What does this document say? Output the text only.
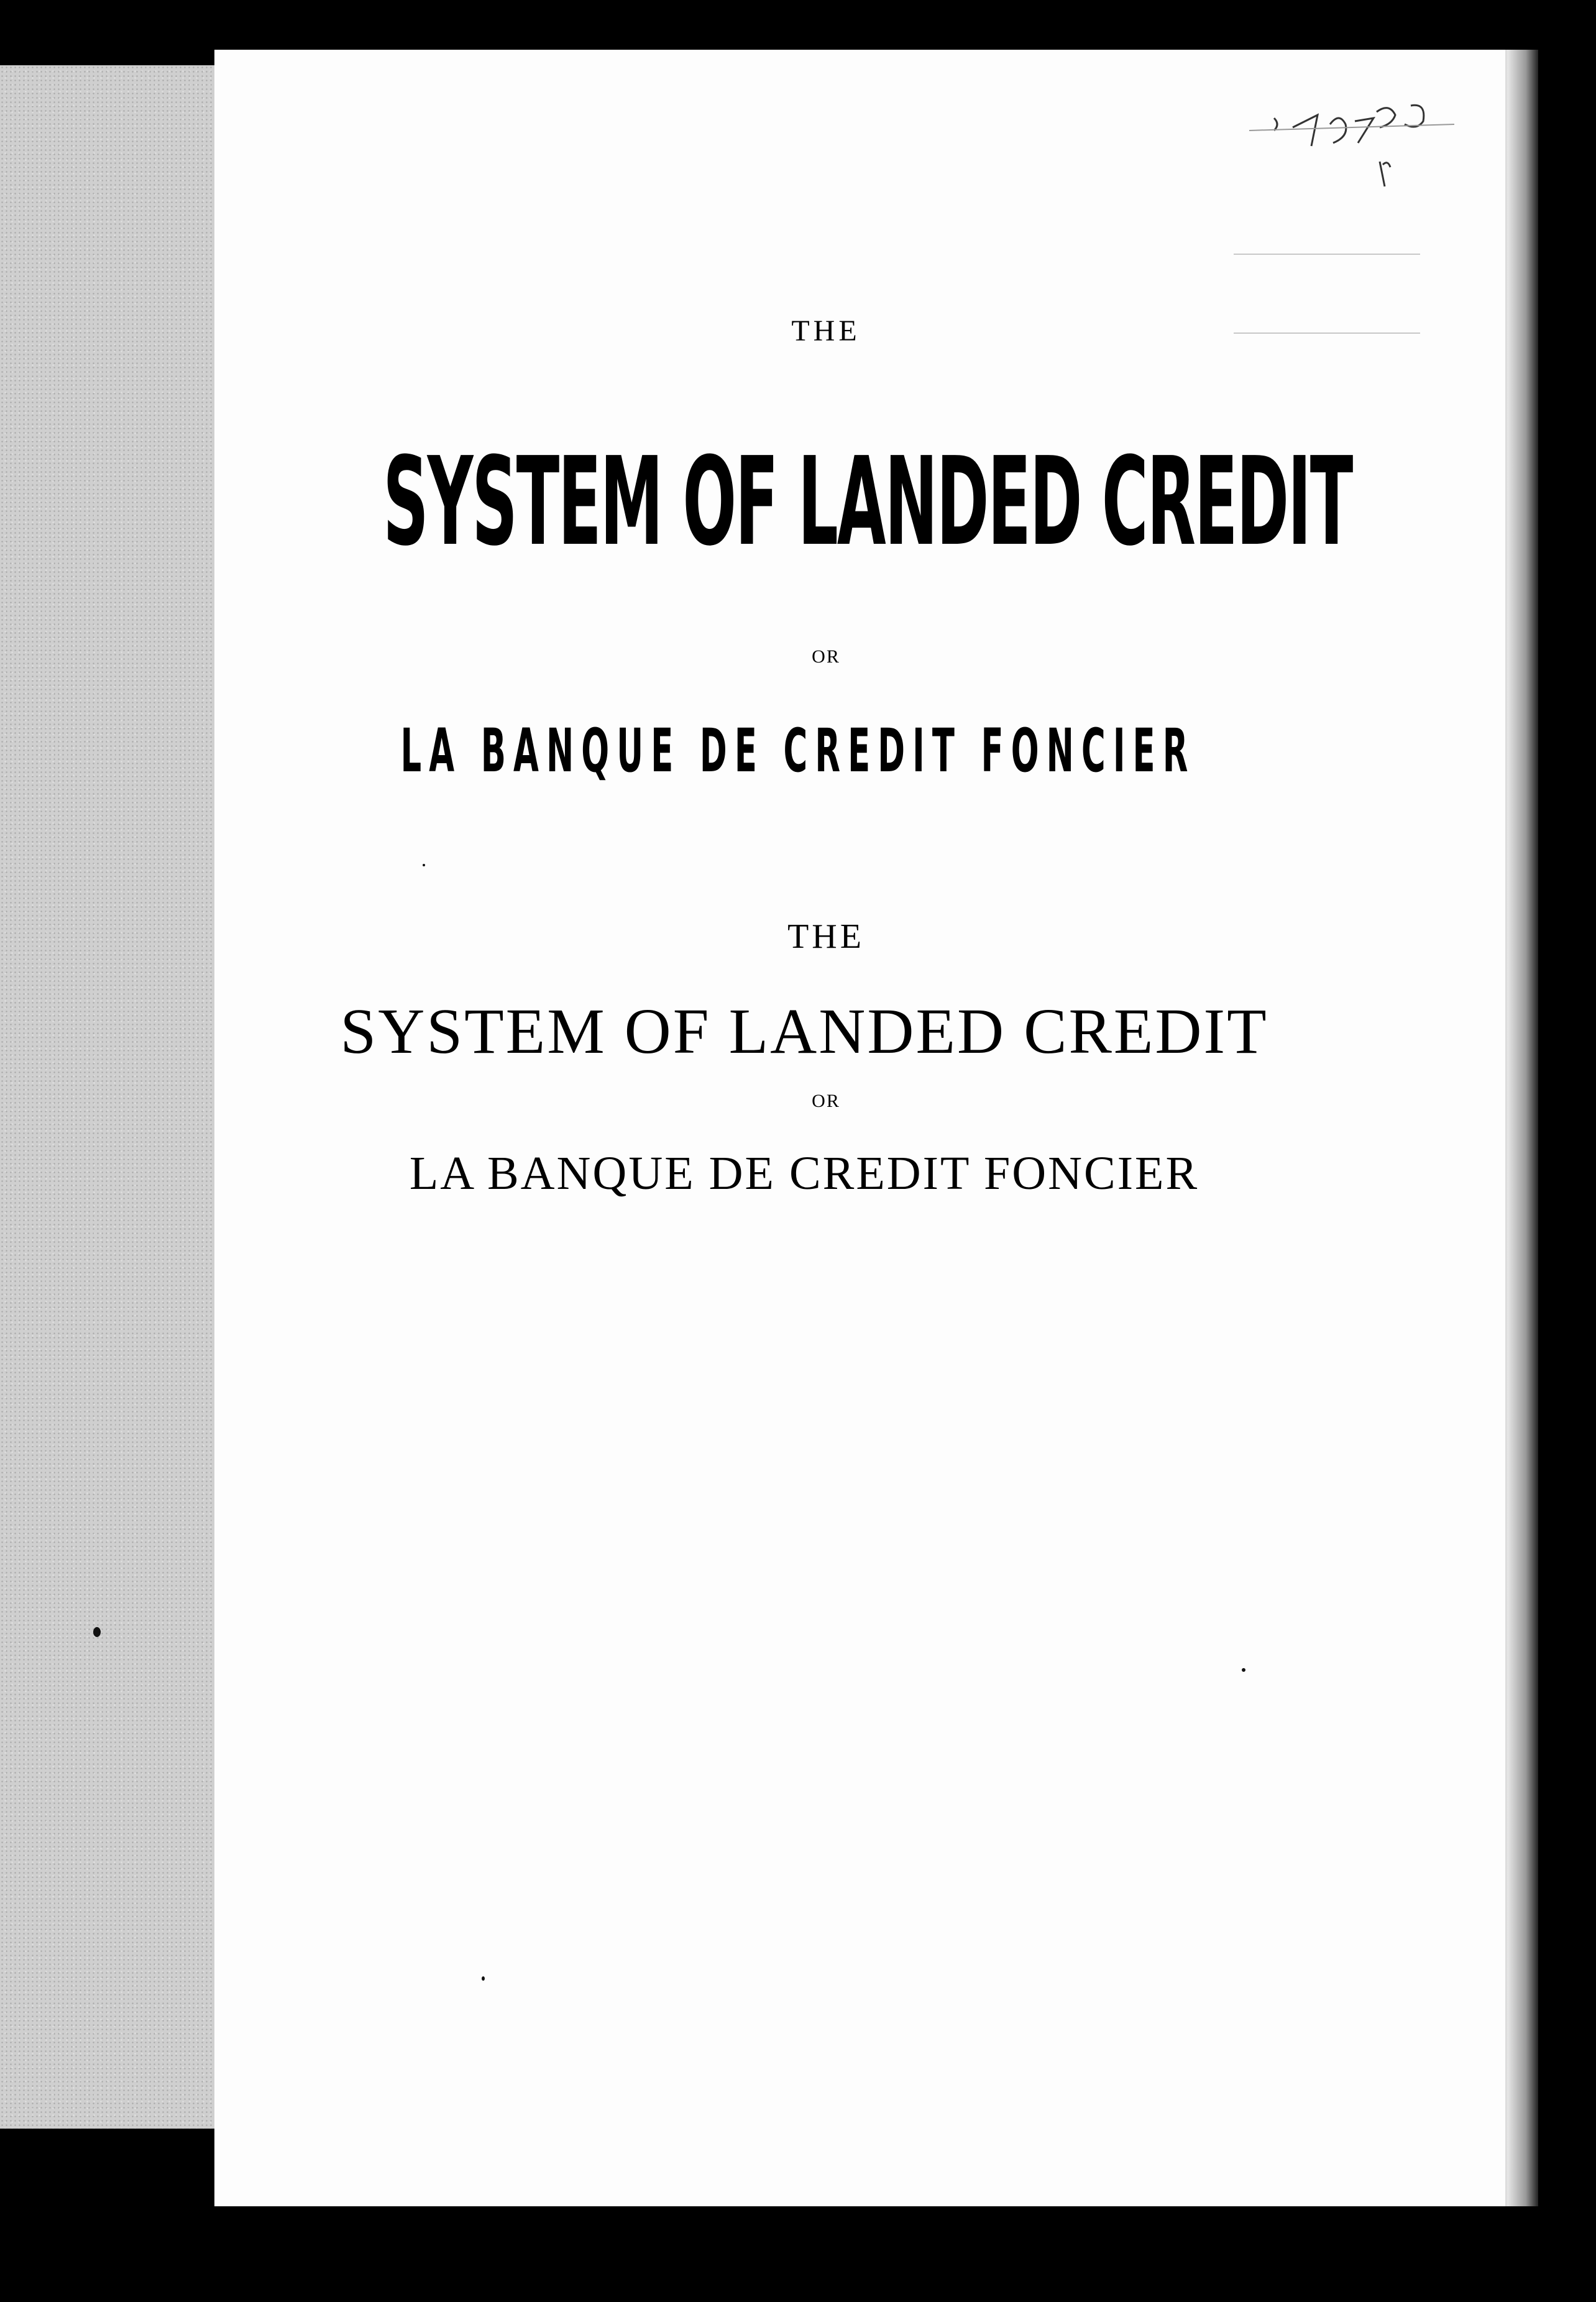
THE
SYSTEM OF LANDED CREDIT
OR
LA BANQUE DE CREDIT FONCIER
THE
SYSTEM OF LANDED CREDIT
OR
LA BANQUE DE CREDIT FONCIER
